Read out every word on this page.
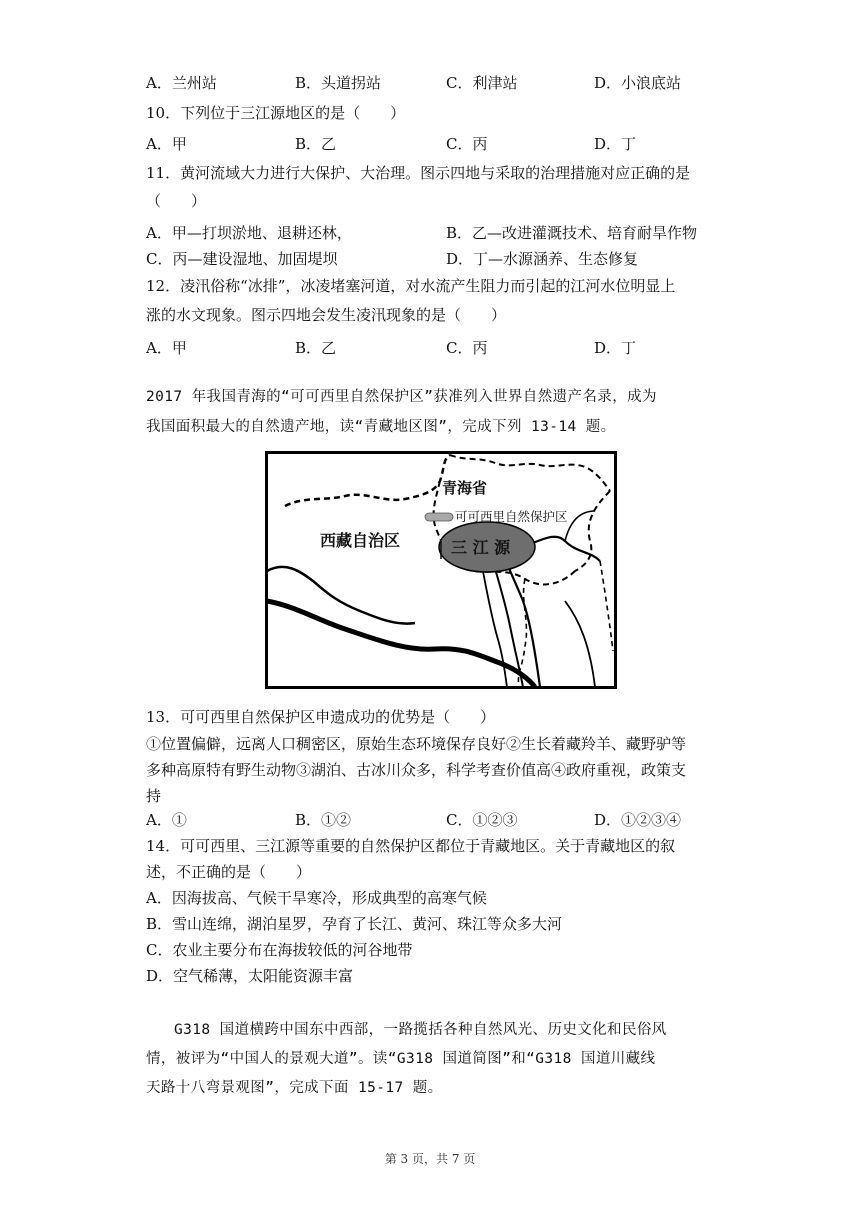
A．兰州站	B．头道拐站	C．利津站	D．小浪底站
10．下列位于三江源地区的是（　　）
A．甲	B．乙	C．丙	D．丁
11．黄河流域大力进行大保护、大治理。图示四地与采取的治理措施对应正确的是
（　　）
A．甲—打坝淤地、退耕还林，	B．乙—改进灌溉技术、培育耐旱作物
C．丙—建设湿地、加固堤坝	D．丁—水源涵养、生态修复
12．凌汛俗称“冰排”，冰凌堵塞河道，对水流产生阻力而引起的江河水位明显上
涨的水文现象。图示四地会发生凌汛现象的是（　　）
A．甲	B．乙	C．丙	D．丁
2017 年我国青海的“可可西里自然保护区”获准列入世界自然遗产名录，成为
我国面积最大的自然遗产地，读“青藏地区图”，完成下列 13-14 题。
青海省
可可西里自然保护区
西藏自治区	三 江 源
13．可可西里自然保护区申遗成功的优势是（　　）
①位置偏僻，远离人口稠密区，原始生态环境保存良好②生长着藏羚羊、藏野驴等
多种高原特有野生动物③湖泊、古冰川众多，科学考查价值高④政府重视，政策支
持
A．①	B．①②	C．①②③	D．①②③④
14．可可西里、三江源等重要的自然保护区都位于青藏地区。关于青藏地区的叙
述，不正确的是（　　）
A．因海拔高、气候干旱寒冷，形成典型的高寒气候
B．雪山连绵，湖泊星罗，孕育了长江、黄河、珠江等众多大河
C．农业主要分布在海拔较低的河谷地带
D．空气稀薄，太阳能资源丰富
G318 国道横跨中国东中西部，一路揽括各种自然风光、历史文化和民俗风
情，被评为“中国人的景观大道”。读“G318 国道简图”和“G318 国道川藏线
天路十八弯景观图”，完成下面 15-17 题。
第 3 页，共 7 页
